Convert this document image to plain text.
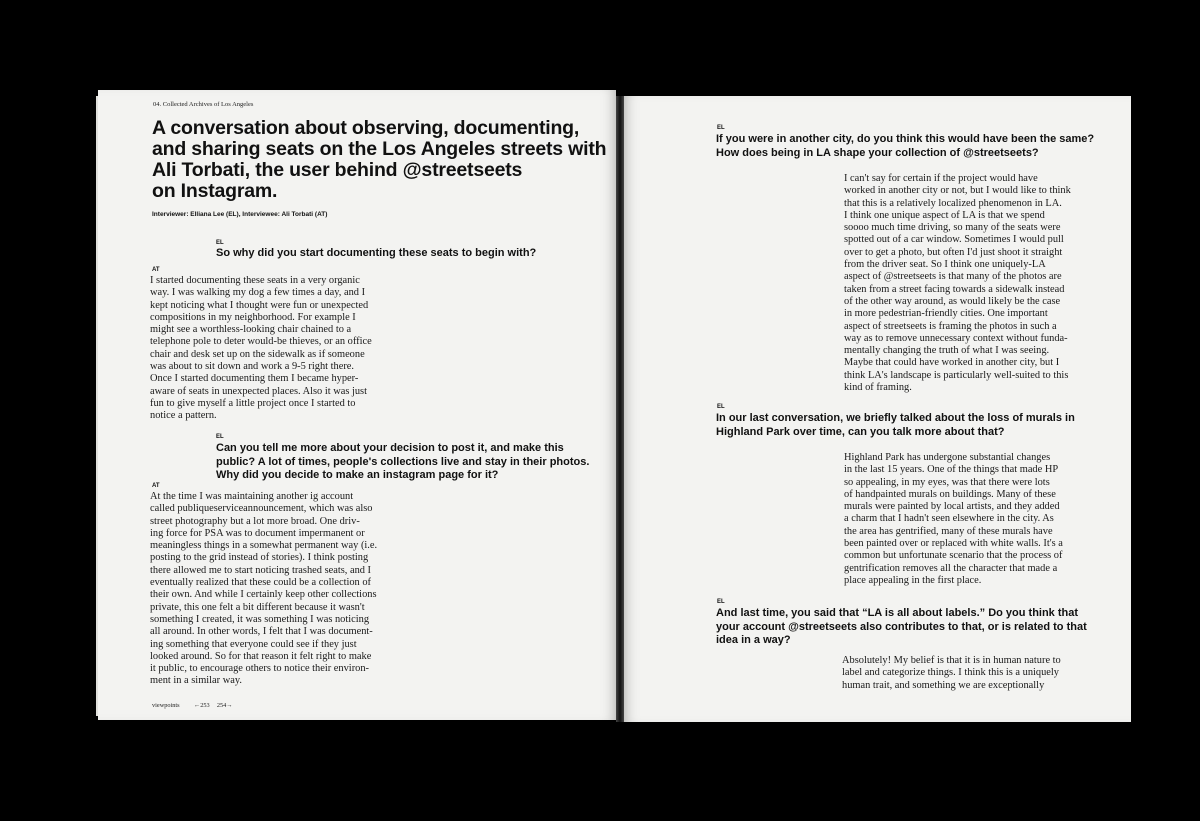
04. Collected Archives of Los Angeles
A conversation about observing, documenting,
and sharing seats on the Los Angeles streets with
Ali Torbati, the user behind @streetseets
on Instagram.
Interviewer: Elliana Lee (EL), Interviewee: Ali Torbati (AT)
EL
So why did you start documenting these seats to begin with?
AT
I started documenting these seats in a very organic
way. I was walking my dog a few times a day, and I
kept noticing what I thought were fun or unexpected
compositions in my neighborhood. For example I
might see a worthless-looking chair chained to a
telephone pole to deter would-be thieves, or an office
chair and desk set up on the sidewalk as if someone
was about to sit down and work a 9-5 right there.
Once I started documenting them I became hyper-
aware of seats in unexpected places. Also it was just
fun to give myself a little project once I started to
notice a pattern.
EL
Can you tell me more about your decision to post it, and make this
public? A lot of times, people's collections live and stay in their photos.
Why did you decide to make an instagram page for it?
AT
At the time I was maintaining another ig account
called publiqueserviceannouncement, which was also
street photography but a lot more broad. One driv-
ing force for PSA was to document impermanent or
meaningless things in a somewhat permanent way (i.e.
posting to the grid instead of stories). I think posting
there allowed me to start noticing trashed seats, and I
eventually realized that these could be a collection of
their own. And while I certainly keep other collections
private, this one felt a bit different because it wasn't
something I created, it was something I was noticing
all around. In other words, I felt that I was document-
ing something that everyone could see if they just
looked around. So for that reason it felt right to make
it public, to encourage others to notice their environ-
ment in a similar way.
viewpoints    ←253  254→
EL
If you were in another city, do you think this would have been the same?
How does being in LA shape your collection of @streetseets?
I can't say for certain if the project would have
worked in another city or not, but I would like to think
that this is a relatively localized phenomenon in LA.
I think one unique aspect of LA is that we spend
soooo much time driving, so many of the seats were
spotted out of a car window. Sometimes I would pull
over to get a photo, but often I'd just shoot it straight
from the driver seat. So I think one uniquely-LA
aspect of @streetseets is that many of the photos are
taken from a street facing towards a sidewalk instead
of the other way around, as would likely be the case
in more pedestrian-friendly cities. One important
aspect of streetseets is framing the photos in such a
way as to remove unnecessary context without funda-
mentally changing the truth of what I was seeing.
Maybe that could have worked in another city, but I
think LA's landscape is particularly well-suited to this
kind of framing.
EL
In our last conversation, we briefly talked about the loss of murals in
Highland Park over time, can you talk more about that?
Highland Park has undergone substantial changes
in the last 15 years. One of the things that made HP
so appealing, in my eyes, was that there were lots
of handpainted murals on buildings. Many of these
murals were painted by local artists, and they added
a charm that I hadn't seen elsewhere in the city. As
the area has gentrified, many of these murals have
been painted over or replaced with white walls. It's a
common but unfortunate scenario that the process of
gentrification removes all the character that made a
place appealing in the first place.
EL
And last time, you said that “LA is all about labels.” Do you think that
your account @streetseets also contributes to that, or is related to that
idea in a way?
Absolutely! My belief is that it is in human nature to
label and categorize things. I think this is a uniquely
human trait, and something we are exceptionally
